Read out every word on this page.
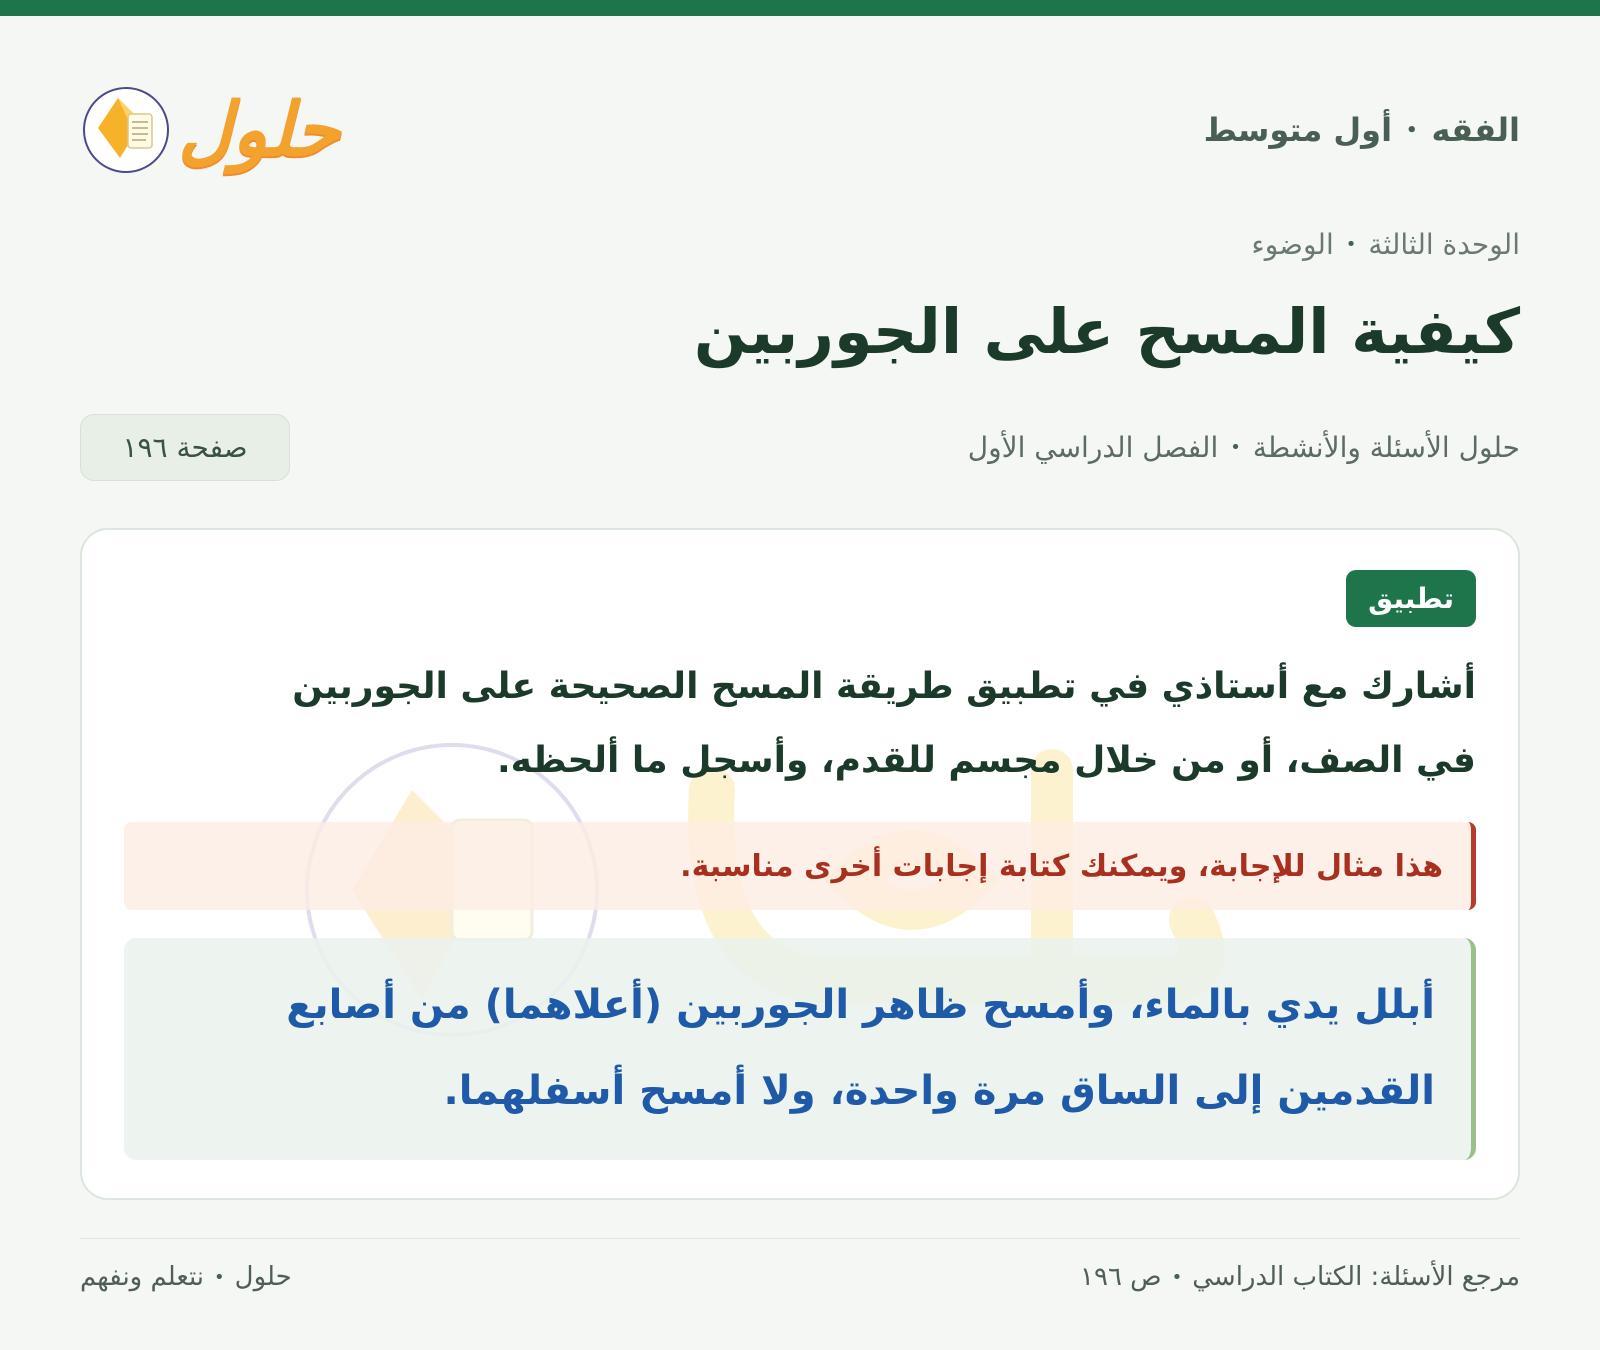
الفقه
•
أول متوسط
حلول
الوحدة الثالثة
•
الوضوء
كيفية المسح على الجوربين
حلول الأسئلة والأنشطة
•
الفصل الدراسي الأول
صفحة ١٩٦
تطبيق
أشارك مع أستاذي في تطبيق طريقة المسح الصحيحة على الجوربين في الصف، أو من خلال مجسم للقدم، وأسجل ما ألحظه.
هذا مثال للإجابة، ويمكنك كتابة إجابات أخرى مناسبة.
أبلل يدي بالماء، وأمسح ظاهر الجوربين (أعلاهما) من أصابع القدمين إلى الساق مرة واحدة، ولا أمسح أسفلهما.
مرجع الأسئلة: الكتاب الدراسي
•
ص ١٩٦
حلول
•
نتعلم ونفهم
